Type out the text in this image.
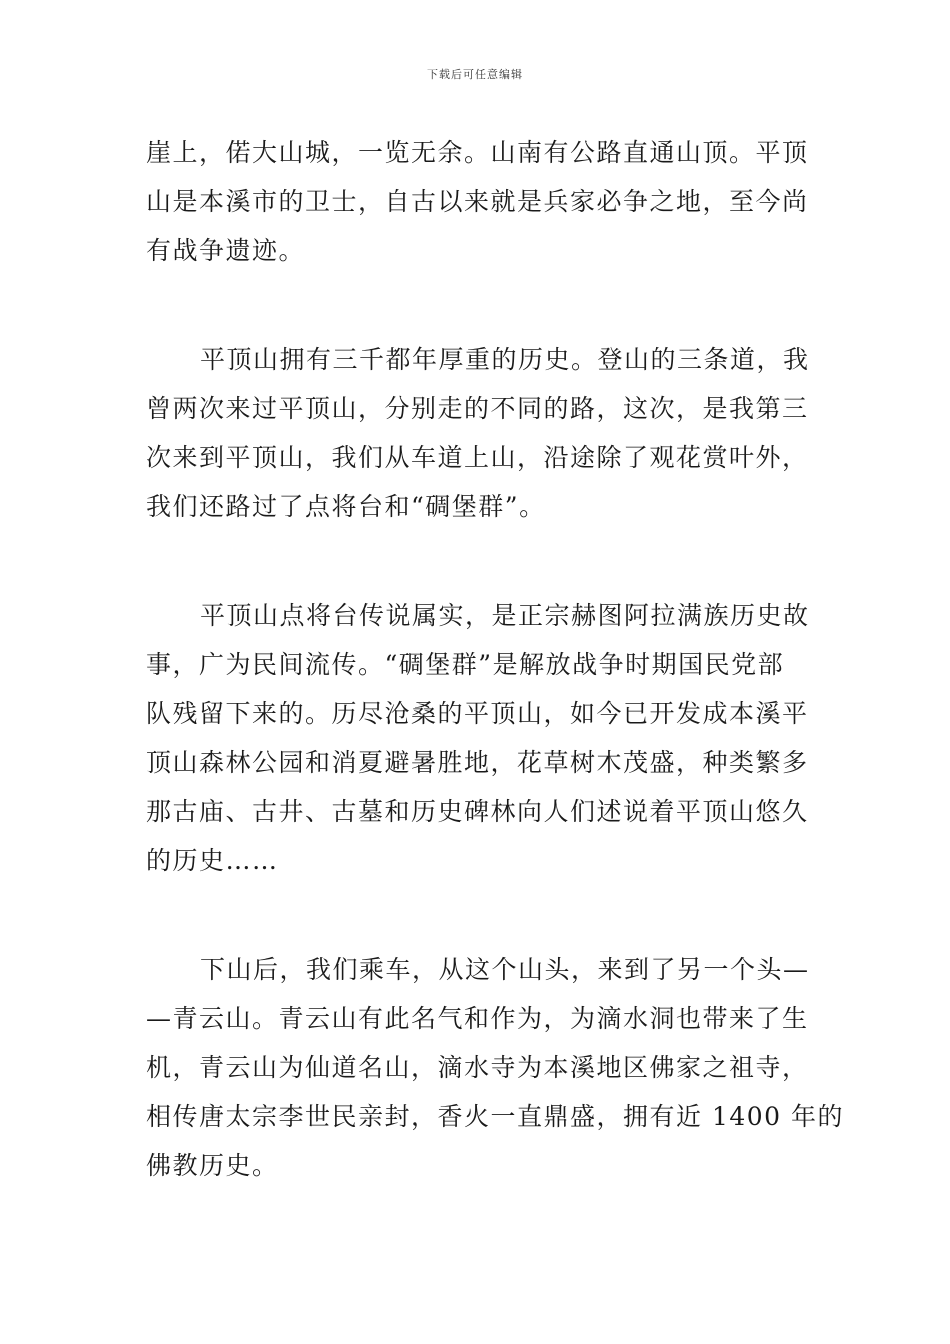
下载后可任意编辑

崖上，偌大山城，一览无余。山南有公路直通山顶。平顶
山是本溪市的卫士，自古以来就是兵家必争之地，至今尚
有战争遗迹。

平顶山拥有三千都年厚重的历史。登山的三条道，我
曾两次来过平顶山，分别走的不同的路，这次，是我第三
次来到平顶山，我们从车道上山，沿途除了观花赏叶外，
我们还路过了点将台和“碉堡群”。

平顶山点将台传说属实，是正宗赫图阿拉满族历史故
事，广为民间流传。“碉堡群”是解放战争时期国民党部
队残留下来的。历尽沧桑的平顶山，如今已开发成本溪平
顶山森林公园和消夏避暑胜地，花草树木茂盛，种类繁多
那古庙、古井、古墓和历史碑林向人们述说着平顶山悠久
的历史……

下山后，我们乘车，从这个山头，来到了另一个头—
—青云山。青云山有此名气和作为，为滴水洞也带来了生
机，青云山为仙道名山，滴水寺为本溪地区佛家之祖寺，
相传唐太宗李世民亲封，香火一直鼎盛，拥有近 1400 年的
佛教历史。
